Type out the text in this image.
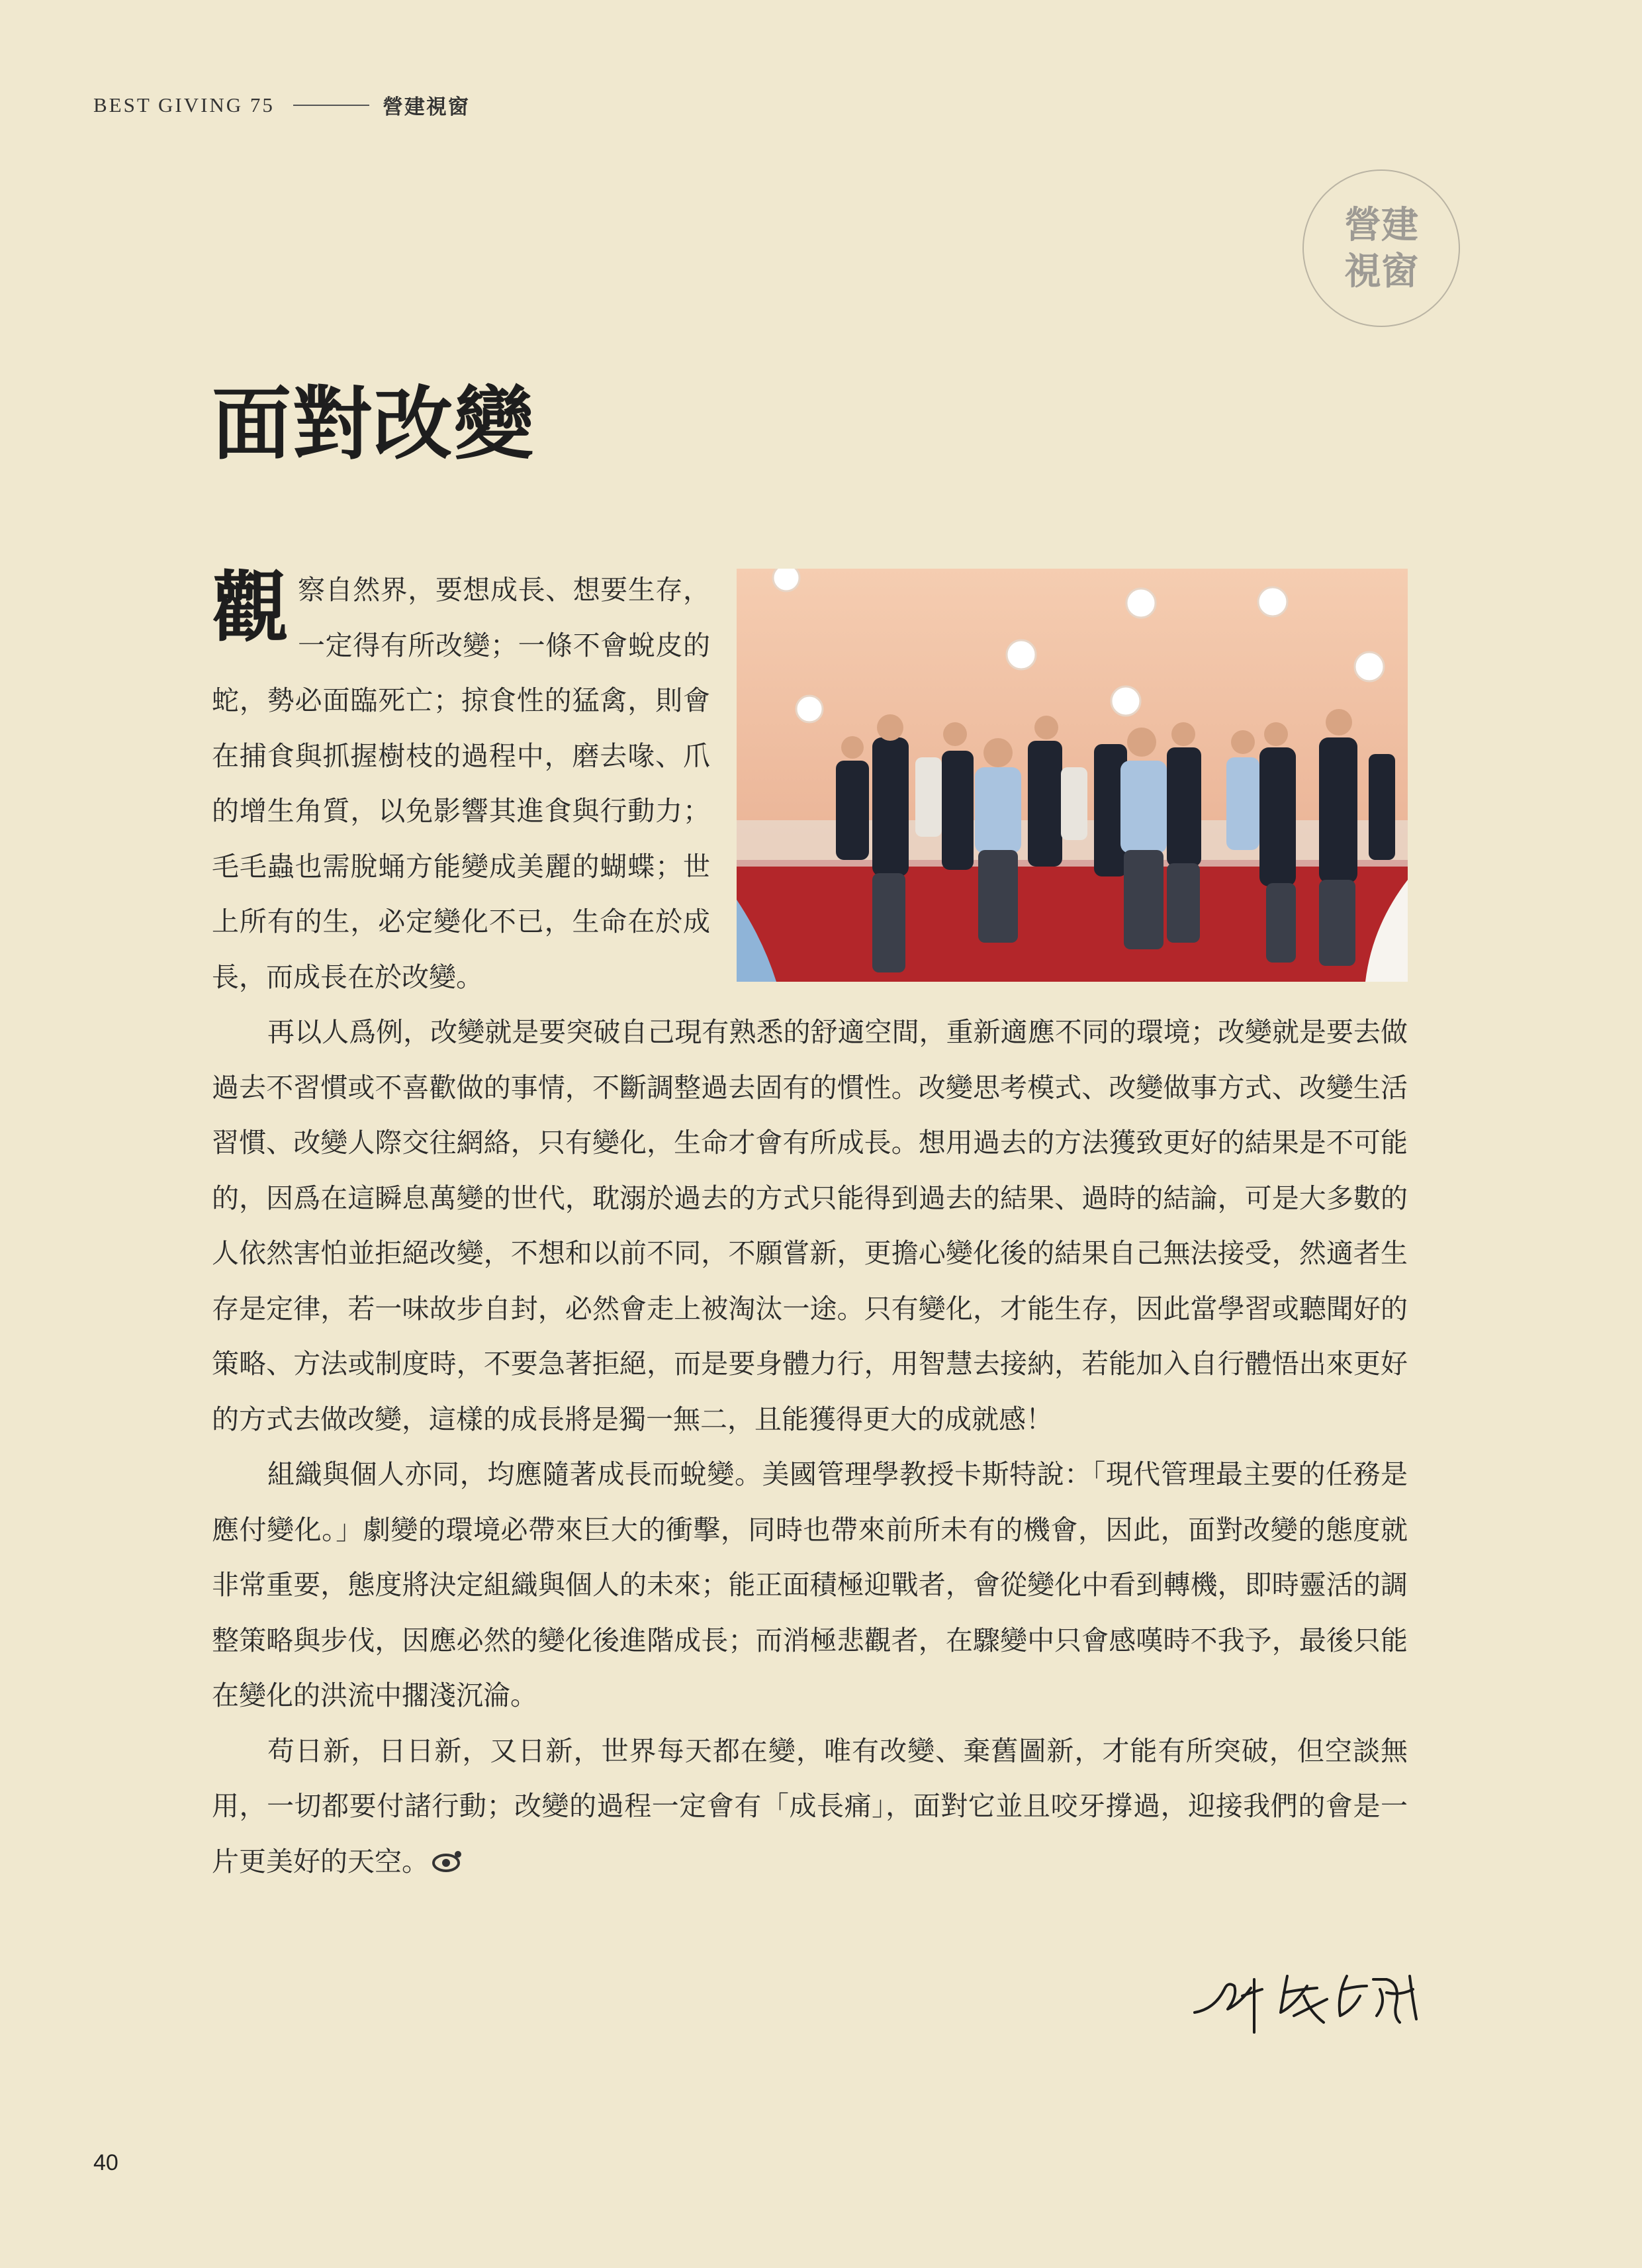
BEST GIVING 75	營建視窗
營建
視窗
面對改變

觀察自然界，要想成長、想要生存，一定得有所改變；一條不會蛻皮的蛇，勢必面臨死亡；掠食性的猛禽，則會在捕食與抓握樹枝的過程中，磨去喙、爪的增生角質，以免影響其進食與行動力；毛毛蟲也需脫蛹方能變成美麗的蝴蝶；世上所有的生，必定變化不已，生命在於成長，而成長在於改變。

再以人爲例，改變就是要突破自己現有熟悉的舒適空間，重新適應不同的環境；改變就是要去做過去不習慣或不喜歡做的事情，不斷調整過去固有的慣性。改變思考模式、改變做事方式、改變生活習慣、改變人際交往網絡，只有變化，生命才會有所成長。想用過去的方法獲致更好的結果是不可能的，因爲在這瞬息萬變的世代，耽溺於過去的方式只能得到過去的結果、過時的結論，可是大多數的人依然害怕並拒絕改變，不想和以前不同，不願嘗新，更擔心變化後的結果自己無法接受，然適者生存是定律，若一味故步自封，必然會走上被淘汰一途。只有變化，才能生存，因此當學習或聽聞好的策略、方法或制度時，不要急著拒絕，而是要身體力行，用智慧去接納，若能加入自行體悟出來更好的方式去做改變，這樣的成長將是獨一無二，且能獲得更大的成就感！

組織與個人亦同，均應隨著成長而蛻變。美國管理學教授卡斯特說：「現代管理最主要的任務是應付變化。」劇變的環境必帶來巨大的衝擊，同時也帶來前所未有的機會，因此，面對改變的態度就非常重要，態度將決定組織與個人的未來；能正面積極迎戰者，會從變化中看到轉機，即時靈活的調整策略與步伐，因應必然的變化後進階成長；而消極悲觀者，在驟變中只會感嘆時不我予，最後只能在變化的洪流中擱淺沉淪。

苟日新，日日新，又日新，世界每天都在變，唯有改變、棄舊圖新，才能有所突破，但空談無用，一切都要付諸行動；改變的過程一定會有「成長痛」，面對它並且咬牙撐過，迎接我們的會是一片更美好的天空。

40
